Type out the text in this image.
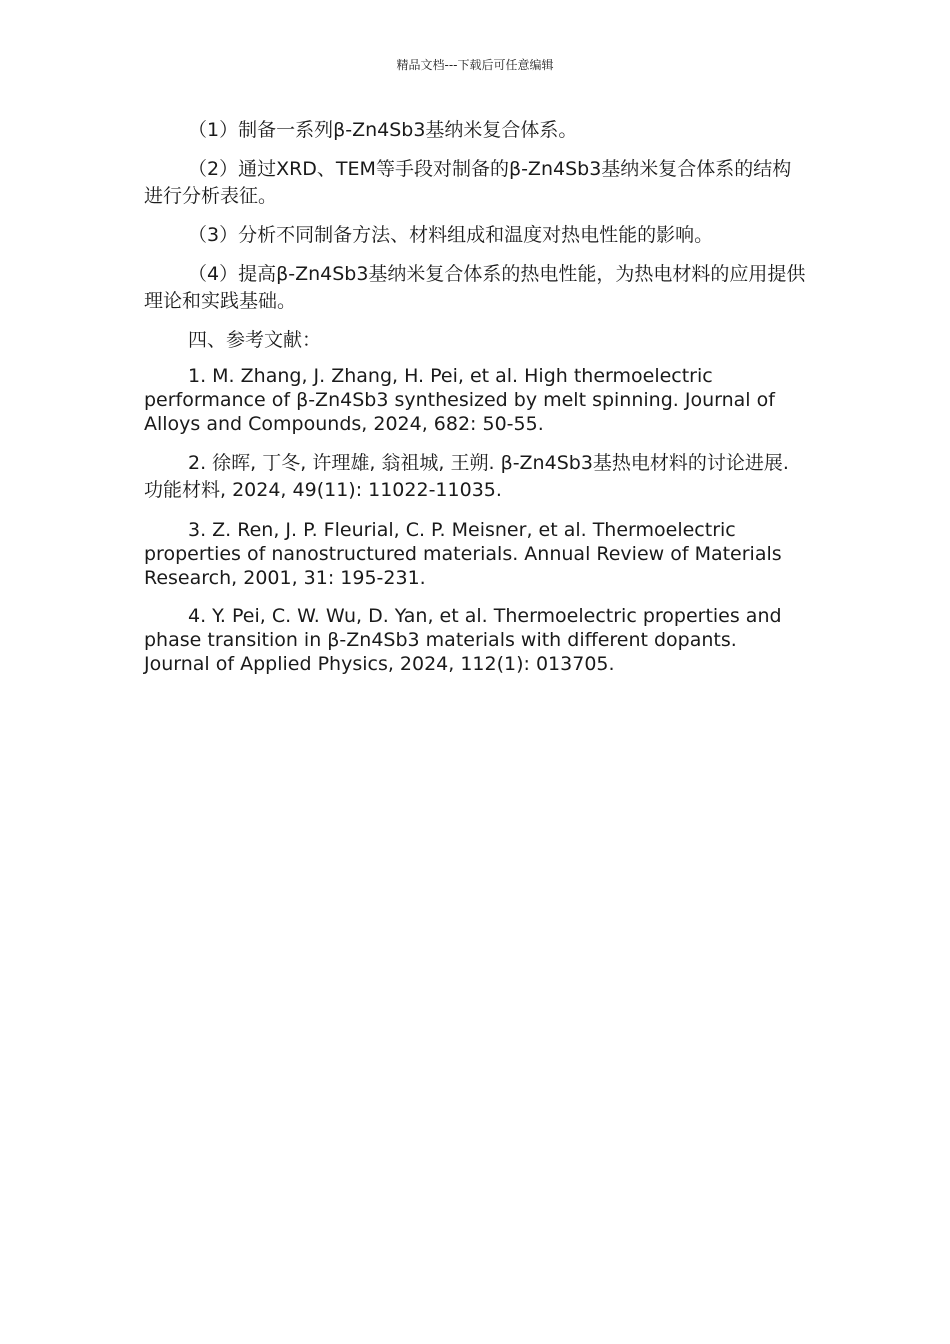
精品文档---下载后可任意编辑

（1）制备一系列β-Zn4Sb3基纳米复合体系。

（2）通过XRD、TEM等手段对制备的β-Zn4Sb3基纳米复合体系的结构进行分析表征。

（3）分析不同制备方法、材料组成和温度对热电性能的影响。

（4）提高β-Zn4Sb3基纳米复合体系的热电性能，为热电材料的应用提供理论和实践基础。

四、参考文献：

1. M. Zhang, J. Zhang, H. Pei, et al. High thermoelectric performance of β-Zn4Sb3 synthesized by melt spinning. Journal of Alloys and Compounds, 2024, 682: 50-55.

2. 徐晖, 丁冬, 许理雄, 翁祖城, 王朔. β-Zn4Sb3基热电材料的讨论进展. 功能材料, 2024, 49(11): 11022-11035.

3. Z. Ren, J. P. Fleurial, C. P. Meisner, et al. Thermoelectric properties of nanostructured materials. Annual Review of Materials Research, 2001, 31: 195-231.

4. Y. Pei, C. W. Wu, D. Yan, et al. Thermoelectric properties and phase transition in β-Zn4Sb3 materials with different dopants. Journal of Applied Physics, 2024, 112(1): 013705.
